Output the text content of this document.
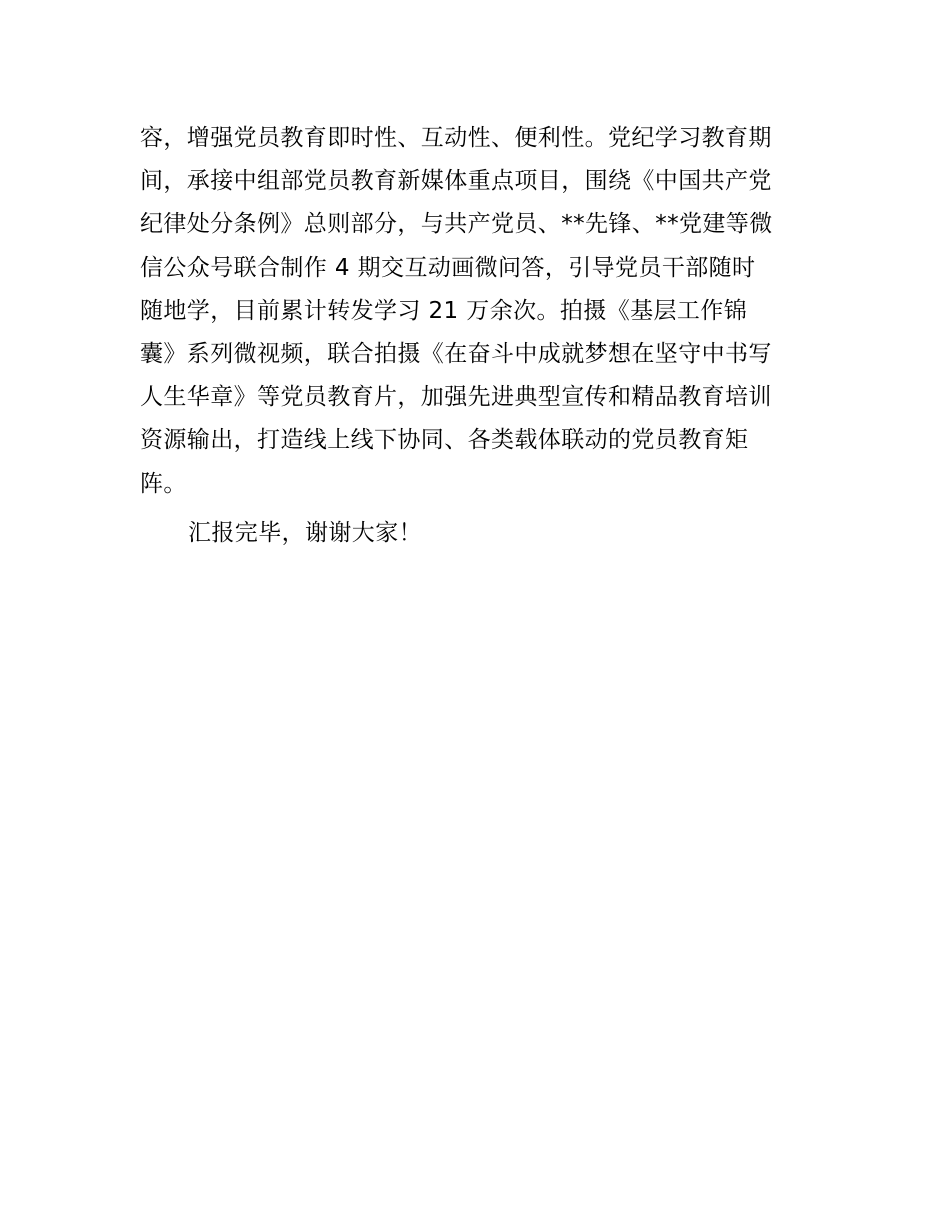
容，增强党员教育即时性、互动性、便利性。党纪学习教育期
间，承接中组部党员教育新媒体重点项目，围绕《中国共产党
纪律处分条例》总则部分，与共产党员、**先锋、**党建等微
信公众号联合制作 4 期交互动画微问答，引导党员干部随时
随地学，目前累计转发学习 21 万余次。拍摄《基层工作锦
囊》系列微视频，联合拍摄《在奋斗中成就梦想在坚守中书写
人生华章》等党员教育片，加强先进典型宣传和精品教育培训
资源输出，打造线上线下协同、各类载体联动的党员教育矩
阵。
汇报完毕，谢谢大家！
